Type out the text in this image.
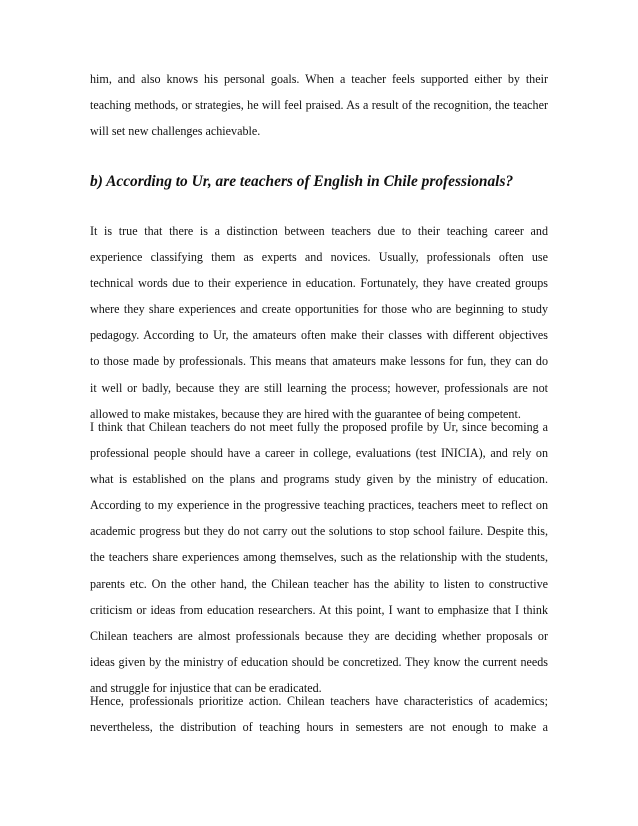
him, and also knows his personal goals. When a teacher feels supported either by their
teaching methods, or strategies, he will feel praised. As a result of the recognition, the teacher
will set new challenges achievable.
b) According to Ur, are teachers of English in Chile professionals?
It is true that there is a distinction between teachers due to their teaching career and
experience classifying them as experts and novices. Usually, professionals often use
technical words due to their experience in education. Fortunately, they have created groups
where they share experiences and create opportunities for those who are beginning to study
pedagogy. According to Ur, the amateurs often make their classes with different objectives
to those made by professionals. This means that amateurs make lessons for fun, they can do
it well or badly, because they are still learning the process; however, professionals are not
allowed to make mistakes, because they are hired with the guarantee of being competent.
I think that Chilean teachers do not meet fully the proposed profile by Ur, since becoming a
professional people should have a career in college, evaluations (test INICIA), and rely on
what is established on the plans and programs study given by the ministry of education.
According to my experience in the progressive teaching practices, teachers meet to reflect on
academic progress but they do not carry out the solutions to stop school failure. Despite this,
the teachers share experiences among themselves, such as the relationship with the students,
parents etc. On the other hand, the Chilean teacher has the ability to listen to constructive
criticism or ideas from education researchers. At this point, I want to emphasize that I think
Chilean teachers are almost professionals because they are deciding whether proposals or
ideas given by the ministry of education should be concretized. They know the current needs
and struggle for injustice that can be eradicated.
Hence, professionals prioritize action. Chilean teachers have characteristics of academics;
nevertheless, the distribution of teaching hours in semesters are not enough to make a
